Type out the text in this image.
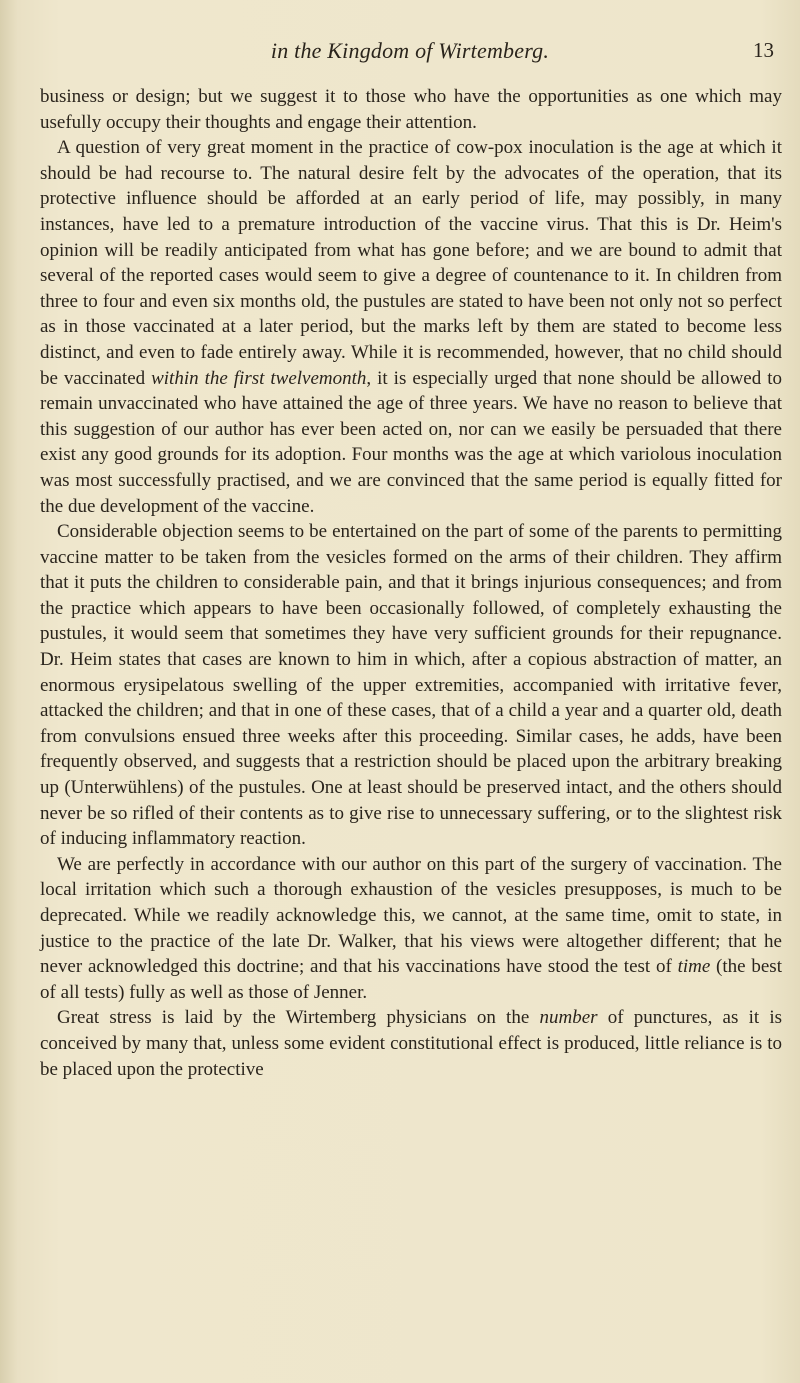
in the Kingdom of Wirtemberg.	13

business or design; but we suggest it to those who have the opportunities as one which may usefully occupy their thoughts and engage their attention.

A question of very great moment in the practice of cow-pox inoculation is the age at which it should be had recourse to. The natural desire felt by the advocates of the operation, that its protective influence should be afforded at an early period of life, may possibly, in many instances, have led to a premature introduction of the vaccine virus. That this is Dr. Heim's opinion will be readily anticipated from what has gone before; and we are bound to admit that several of the reported cases would seem to give a degree of countenance to it. In children from three to four and even six months old, the pustules are stated to have been not only not so perfect as in those vaccinated at a later period, but the marks left by them are stated to become less distinct, and even to fade entirely away. While it is recommended, however, that no child should be vaccinated within the first twelvemonth, it is especially urged that none should be allowed to remain unvaccinated who have attained the age of three years. We have no reason to believe that this suggestion of our author has ever been acted on, nor can we easily be persuaded that there exist any good grounds for its adoption. Four months was the age at which variolous inoculation was most successfully practised, and we are convinced that the same period is equally fitted for the due development of the vaccine.

Considerable objection seems to be entertained on the part of some of the parents to permitting vaccine matter to be taken from the vesicles formed on the arms of their children. They affirm that it puts the children to considerable pain, and that it brings injurious consequences; and from the practice which appears to have been occasionally followed, of completely exhausting the pustules, it would seem that sometimes they have very sufficient grounds for their repugnance. Dr. Heim states that cases are known to him in which, after a copious abstraction of matter, an enormous erysipelatous swelling of the upper extremities, accompanied with irritative fever, attacked the children; and that in one of these cases, that of a child a year and a quarter old, death from convulsions ensued three weeks after this proceeding. Similar cases, he adds, have been frequently observed, and suggests that a restriction should be placed upon the arbitrary breaking up (Unterwühlens) of the pustules. One at least should be preserved intact, and the others should never be so rifled of their contents as to give rise to unnecessary suffering, or to the slightest risk of inducing inflammatory reaction.

We are perfectly in accordance with our author on this part of the surgery of vaccination. The local irritation which such a thorough exhaustion of the vesicles presupposes, is much to be deprecated. While we readily acknowledge this, we cannot, at the same time, omit to state, in justice to the practice of the late Dr. Walker, that his views were altogether different; that he never acknowledged this doctrine; and that his vaccinations have stood the test of time (the best of all tests) fully as well as those of Jenner.

Great stress is laid by the Wirtemberg physicians on the number of punctures, as it is conceived by many that, unless some evident constitutional effect is produced, little reliance is to be placed upon the protective
